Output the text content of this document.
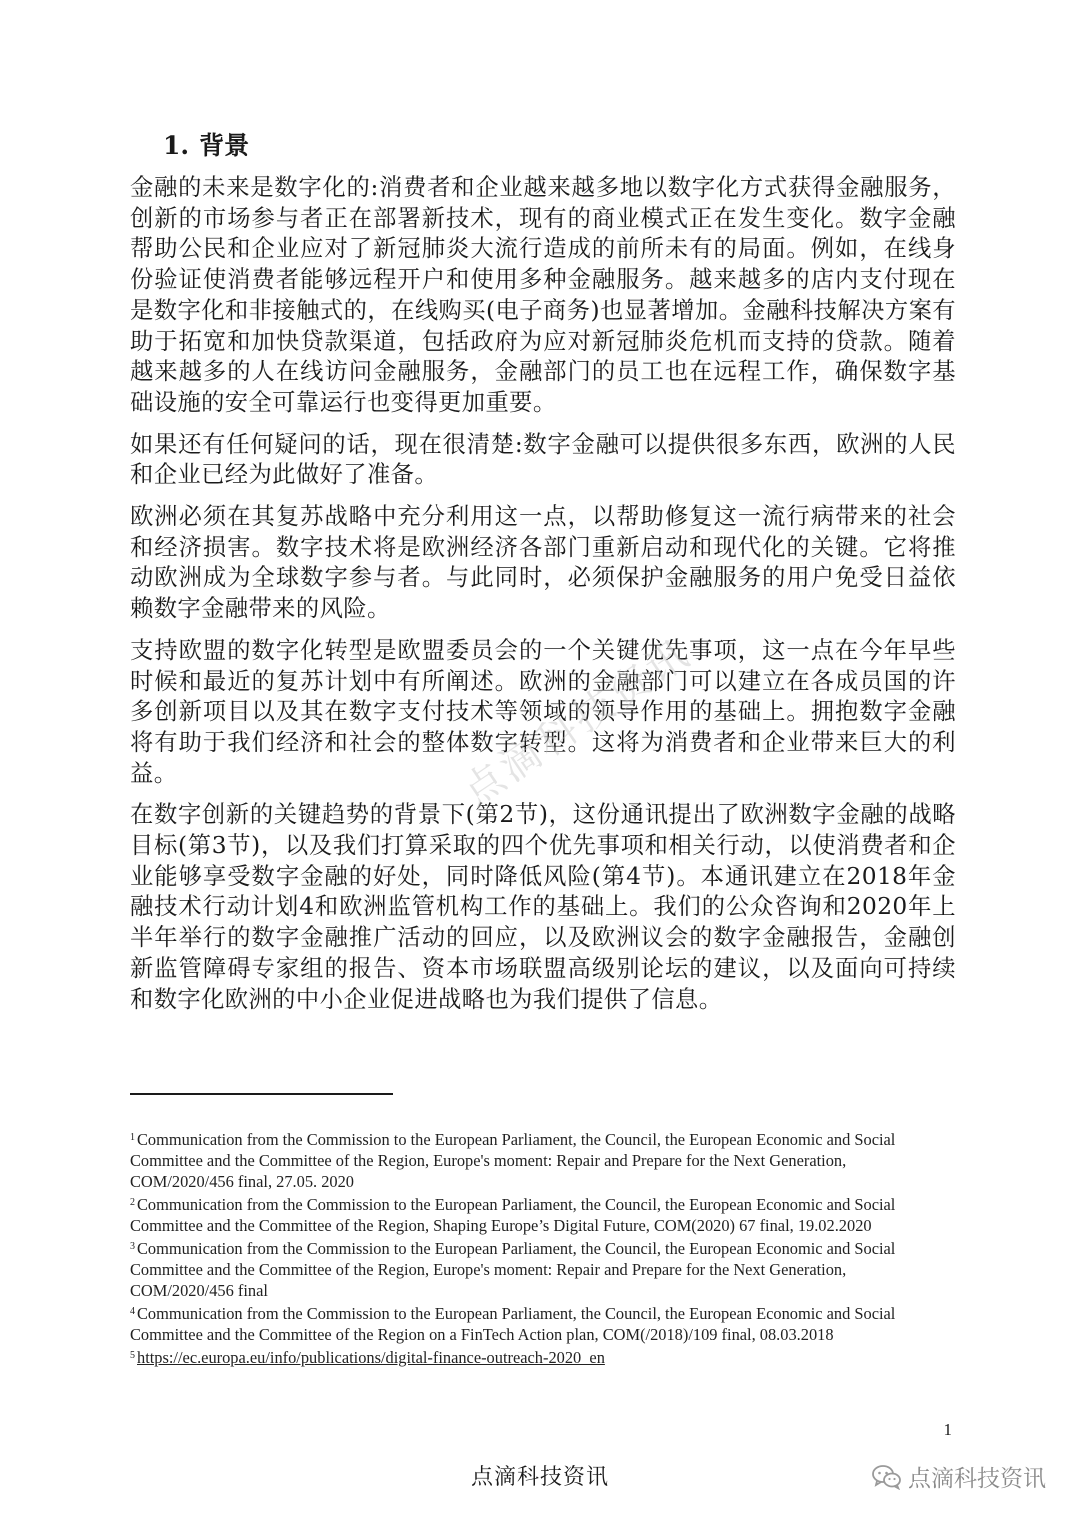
1. 背景

金融的未来是数字化的:消费者和企业越来越多地以数字化方式获得金融服务，创新的市场参与者正在部署新技术，现有的商业模式正在发生变化。数字金融帮助公民和企业应对了新冠肺炎大流行造成的前所未有的局面。例如，在线身份验证使消费者能够远程开户和使用多种金融服务。越来越多的店内支付现在是数字化和非接触式的，在线购买(电子商务)也显著增加。金融科技解决方案有助于拓宽和加快贷款渠道，包括政府为应对新冠肺炎危机而支持的贷款。随着越来越多的人在线访问金融服务，金融部门的员工也在远程工作，确保数字基础设施的安全可靠运行也变得更加重要。

如果还有任何疑问的话，现在很清楚:数字金融可以提供很多东西，欧洲的人民和企业已经为此做好了准备。

欧洲必须在其复苏战略中充分利用这一点，以帮助修复这一流行病带来的社会和经济损害。数字技术将是欧洲经济各部门重新启动和现代化的关键。它将推动欧洲成为全球数字参与者。与此同时，必须保护金融服务的用户免受日益依赖数字金融带来的风险。

支持欧盟的数字化转型是欧盟委员会的一个关键优先事项，这一点在今年早些时候和最近的复苏计划中有所阐述。欧洲的金融部门可以建立在各成员国的许多创新项目以及其在数字支付技术等领域的领导作用的基础上。拥抱数字金融将有助于我们经济和社会的整体数字转型。这将为消费者和企业带来巨大的利益。

在数字创新的关键趋势的背景下(第2节)，这份通讯提出了欧洲数字金融的战略目标(第3节)，以及我们打算采取的四个优先事项和相关行动，以使消费者和企业能够享受数字金融的好处，同时降低风险(第4节)。本通讯建立在2018年金融技术行动计划4和欧洲监管机构工作的基础上。我们的公众咨询和2020年上半年举行的数字金融推广活动的回应，以及欧洲议会的数字金融报告，金融创新监管障碍专家组的报告、资本市场联盟高级别论坛的建议，以及面向可持续和数字化欧洲的中小企业促进战略也为我们提供了信息。

$^1$ Communication from the Commission to the European Parliament, the Council, the European Economic and Social Committee and the Committee of the Region, Europe's moment: Repair and Prepare for the Next Generation, COM/2020/456 final, 27.05. 2020

$^2$ Communication from the Commission to the European Parliament, the Council, the European Economic and Social Committee and the Committee of the Region, Shaping Europe’s Digital Future, COM(2020) 67 final, 19.02.2020

$^3$ Communication from the Commission to the European Parliament, the Council, the European Economic and Social Committee and the Committee of the Region, Europe's moment: Repair and Prepare for the Next Generation, COM/2020/456 final

$^4$ Communication from the Commission to the European Parliament, the Council, the European Economic and Social Committee and the Committee of the Region on a FinTech Action plan, COM(/2018)/109 final, 08.03.2018

$^5$ https://ec.europa.eu/info/publications/digital-finance-outreach-2020_en

1
点滴科技资讯
点滴科技资讯
点滴科技资讯
